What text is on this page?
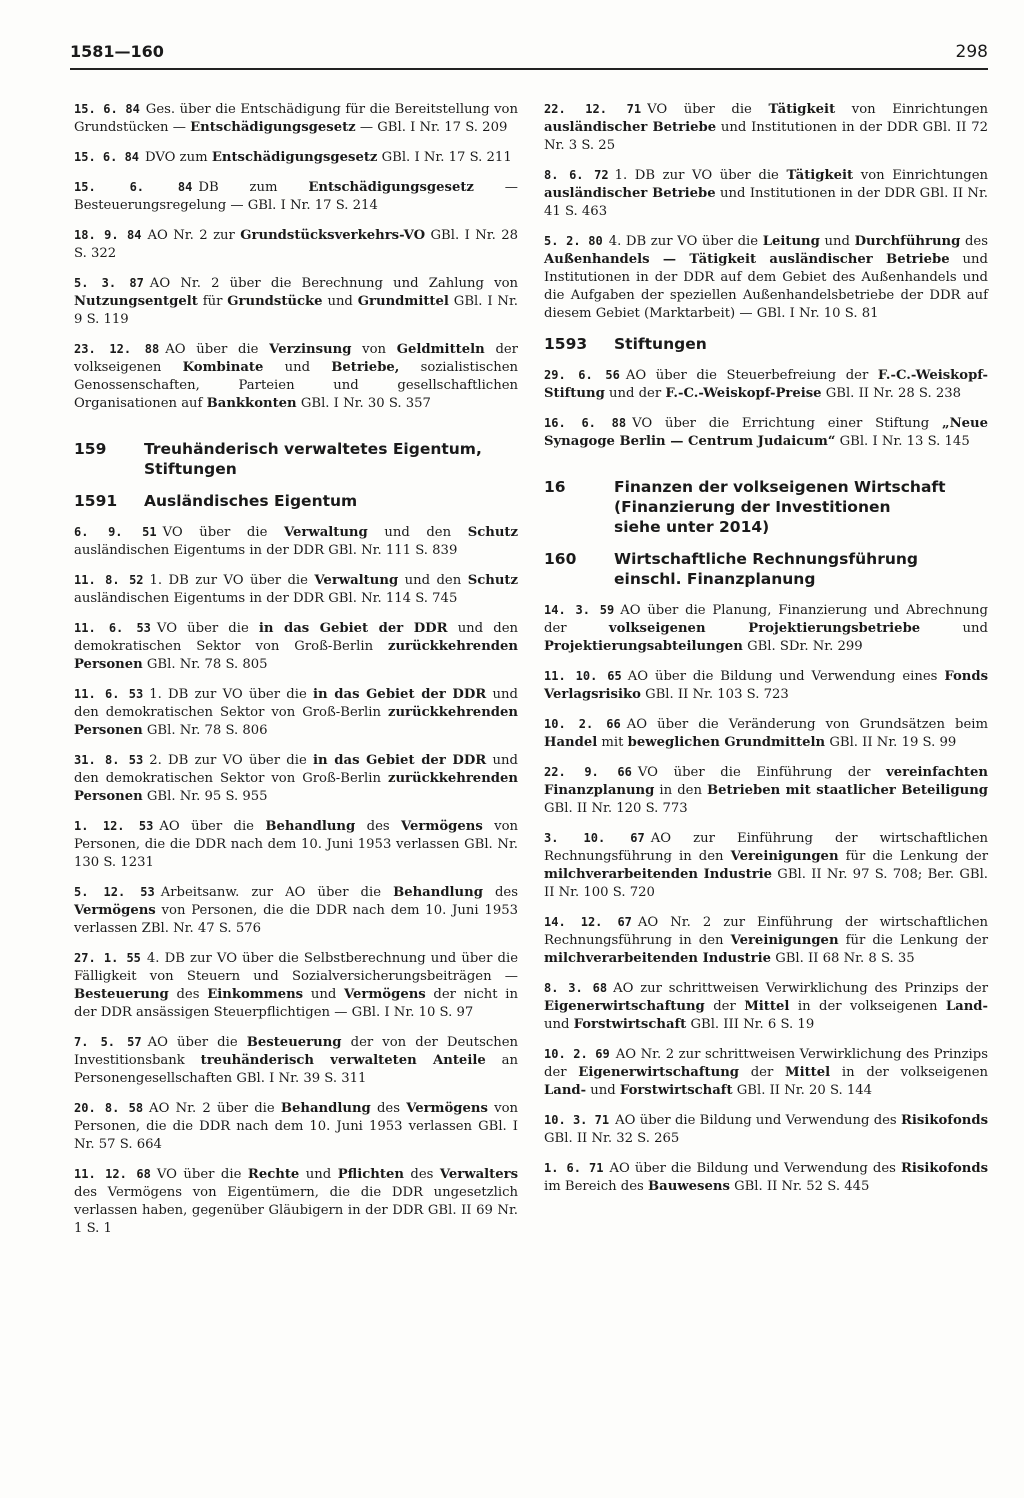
1581—160	298

15. 6. 84 Ges. über die Entschädigung für die Bereitstellung von Grundstücken — Entschädigungsgesetz — GBl. I Nr. 17 S. 209

15. 6. 84 DVO zum Entschädigungsgesetz GBl. I Nr. 17 S. 211

15. 6. 84 DB zum Entschädigungsgesetz — Besteuerungsregelung — GBl. I Nr. 17 S. 214

18. 9. 84 AO Nr. 2 zur Grundstücksverkehrs-VO GBl. I Nr. 28 S. 322

5. 3. 87 AO Nr. 2 über die Berechnung und Zahlung von Nutzungsentgelt für Grundstücke und Grundmittel GBl. I Nr. 9 S. 119

23. 12. 88 AO über die Verzinsung von Geldmitteln der volkseigenen Kombinate und Betriebe, sozialistischen Genossenschaften, Parteien und gesellschaftlichen Organisationen auf Bankkonten GBl. I Nr. 30 S. 357

159	Treuhänderisch verwaltetes Eigentum,
Stiftungen
1591	Ausländisches Eigentum

6. 9. 51 VO über die Verwaltung und den Schutz ausländischen Eigentums in der DDR GBl. Nr. 111 S. 839

11. 8. 52 1. DB zur VO über die Verwaltung und den Schutz ausländischen Eigentums in der DDR GBl. Nr. 114 S. 745

11. 6. 53 VO über die in das Gebiet der DDR und den demokratischen Sektor von Groß-Berlin zurückkehrenden Personen GBl. Nr. 78 S. 805

11. 6. 53 1. DB zur VO über die in das Gebiet der DDR und den demokratischen Sektor von Groß-Berlin zurückkehrenden Personen GBl. Nr. 78 S. 806

31. 8. 53 2. DB zur VO über die in das Gebiet der DDR und den demokratischen Sektor von Groß-Berlin zurückkehrenden Personen GBl. Nr. 95 S. 955

1. 12. 53 AO über die Behandlung des Vermögens von Personen, die die DDR nach dem 10. Juni 1953 verlassen GBl. Nr. 130 S. 1231

5. 12. 53 Arbeitsanw. zur AO über die Behandlung des Vermögens von Personen, die die DDR nach dem 10. Juni 1953 verlassen ZBl. Nr. 47 S. 576

27. 1. 55 4. DB zur VO über die Selbstberechnung und über die Fälligkeit von Steuern und Sozialversicherungsbeiträgen — Besteuerung des Einkommens und Vermögens der nicht in der DDR ansässigen Steuerpflichtigen — GBl. I Nr. 10 S. 97

7. 5. 57 AO über die Besteuerung der von der Deutschen Investitionsbank treuhänderisch verwalteten Anteile an Personengesellschaften GBl. I Nr. 39 S. 311

20. 8. 58 AO Nr. 2 über die Behandlung des Vermögens von Personen, die die DDR nach dem 10. Juni 1953 verlassen GBl. I Nr. 57 S. 664

11. 12. 68 VO über die Rechte und Pflichten des Verwalters des Vermögens von Eigentümern, die die DDR ungesetzlich verlassen haben, gegenüber Gläubigern in der DDR GBl. II 69 Nr. 1 S. 1

22. 12. 71 VO über die Tätigkeit von Einrichtungen ausländischer Betriebe und Institutionen in der DDR GBl. II 72 Nr. 3 S. 25

8. 6. 72 1. DB zur VO über die Tätigkeit von Einrichtungen ausländischer Betriebe und Institutionen in der DDR GBl. II Nr. 41 S. 463

5. 2. 80 4. DB zur VO über die Leitung und Durchführung des Außenhandels — Tätigkeit ausländischer Betriebe und Institutionen in der DDR auf dem Gebiet des Außenhandels und die Aufgaben der speziellen Außenhandelsbetriebe der DDR auf diesem Gebiet (Marktarbeit) — GBl. I Nr. 10 S. 81

1593	Stiftungen

29. 6. 56 AO über die Steuerbefreiung der F.-C.-Weiskopf-Stiftung und der F.-C.-Weiskopf-Preise GBl. II Nr. 28 S. 238

16. 6. 88 VO über die Errichtung einer Stiftung „Neue Synagoge Berlin — Centrum Judaicum“ GBl. I Nr. 13 S. 145

16	Finanzen der volkseigenen Wirtschaft
(Finanzierung der Investitionen
siehe unter 2014)
160	Wirtschaftliche Rechnungsführung
einschl. Finanzplanung

14. 3. 59 AO über die Planung, Finanzierung und Abrechnung der volkseigenen Projektierungsbetriebe und Projektierungsabteilungen GBl. SDr. Nr. 299

11. 10. 65 AO über die Bildung und Verwendung eines Fonds Verlagsrisiko GBl. II Nr. 103 S. 723

10. 2. 66 AO über die Veränderung von Grundsätzen beim Handel mit beweglichen Grundmitteln GBl. II Nr. 19 S. 99

22. 9. 66 VO über die Einführung der vereinfachten Finanzplanung in den Betrieben mit staatlicher Beteiligung GBl. II Nr. 120 S. 773

3. 10. 67 AO zur Einführung der wirtschaftlichen Rechnungsführung in den Vereinigungen für die Lenkung der milchverarbeitenden Industrie GBl. II Nr. 97 S. 708; Ber. GBl. II Nr. 100 S. 720

14. 12. 67 AO Nr. 2 zur Einführung der wirtschaftlichen Rechnungsführung in den Vereinigungen für die Lenkung der milchverarbeitenden Industrie GBl. II 68 Nr. 8 S. 35

8. 3. 68 AO zur schrittweisen Verwirklichung des Prinzips der Eigenerwirtschaftung der Mittel in der volkseigenen Land- und Forstwirtschaft GBl. III Nr. 6 S. 19

10. 2. 69 AO Nr. 2 zur schrittweisen Verwirklichung des Prinzips der Eigenerwirtschaftung der Mittel in der volkseigenen Land- und Forstwirtschaft GBl. II Nr. 20 S. 144

10. 3. 71 AO über die Bildung und Verwendung des Risikofonds GBl. II Nr. 32 S. 265

1. 6. 71 AO über die Bildung und Verwendung des Risikofonds im Bereich des Bauwesens GBl. II Nr. 52 S. 445
